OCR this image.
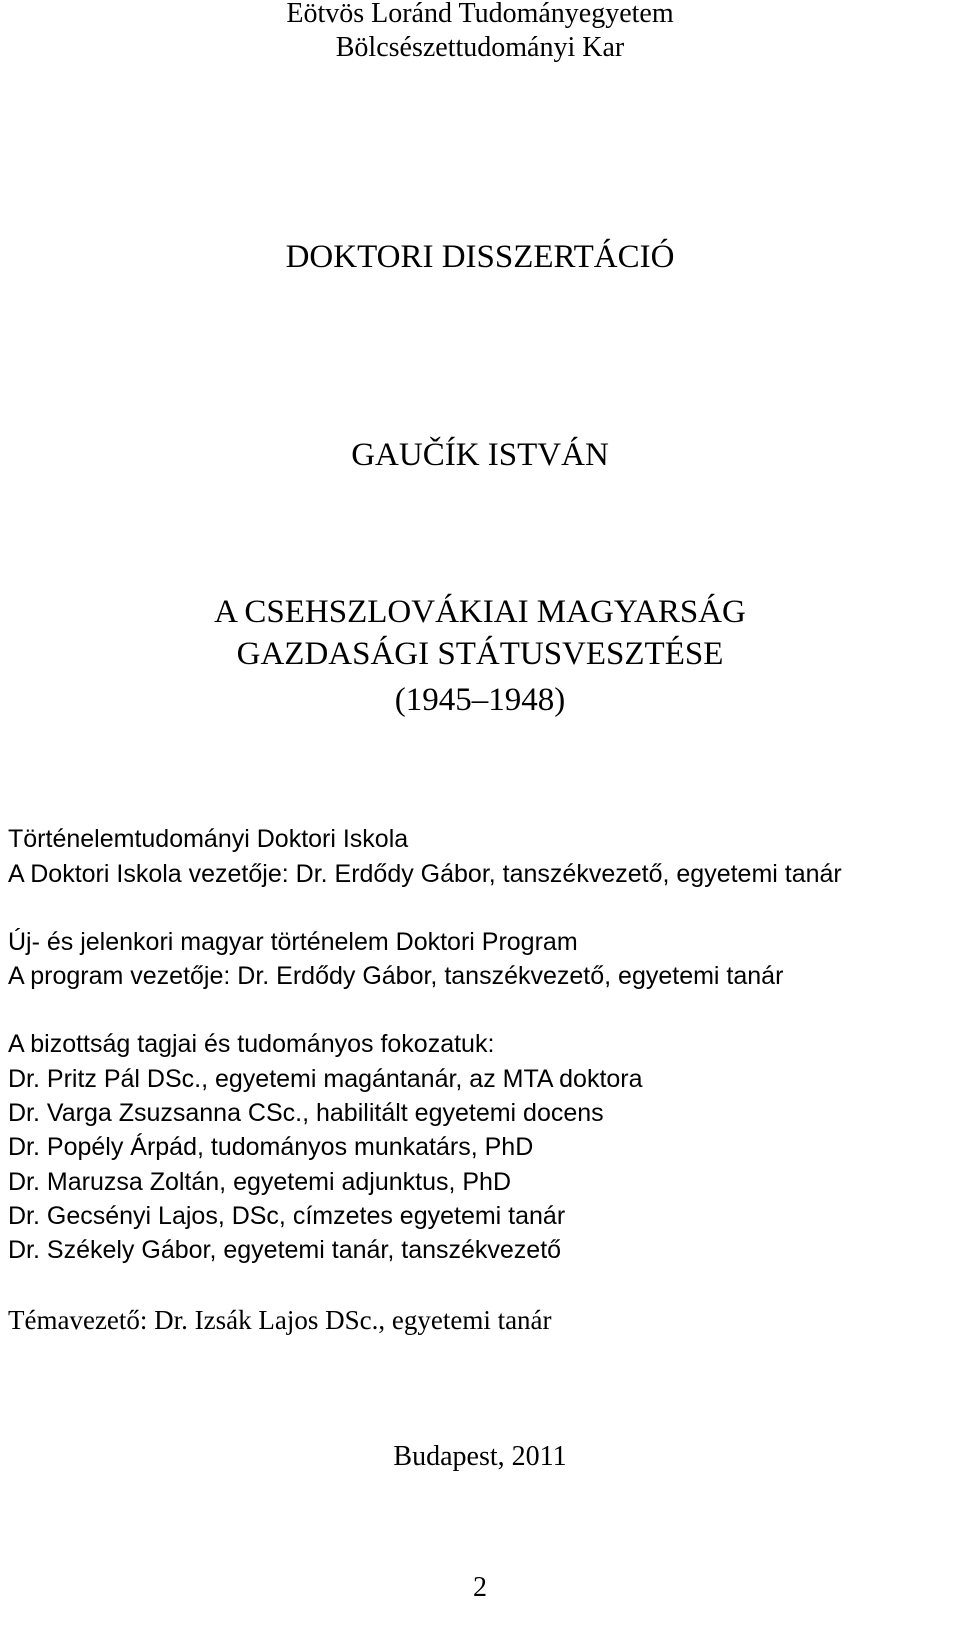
Eötvös Loránd Tudományegyetem

Bölcsészettudományi Kar

DOKTORI DISSZERTÁCIÓ

GAUČÍK ISTVÁN

A CSEHSZLOVÁKIAI MAGYARSÁG

GAZDASÁGI STÁTUSVESZTÉSE

(1945–1948)

Történelemtudományi Doktori Iskola

A Doktori Iskola vezetője: Dr. Erdődy Gábor, tanszékvezető, egyetemi tanár

Új- és jelenkori magyar történelem Doktori Program

A program vezetője: Dr. Erdődy Gábor, tanszékvezető, egyetemi tanár

A bizottság tagjai és tudományos fokozatuk:

Dr. Pritz Pál DSc., egyetemi magántanár, az MTA doktora

Dr. Varga Zsuzsanna CSc., habilitált egyetemi docens

Dr. Popély Árpád, tudományos munkatárs, PhD

Dr. Maruzsa Zoltán, egyetemi adjunktus, PhD

Dr. Gecsényi Lajos, DSc, címzetes egyetemi tanár

Dr. Székely Gábor, egyetemi tanár, tanszékvezető

Témavezető: Dr. Izsák Lajos DSc., egyetemi tanár

Budapest, 2011

2
